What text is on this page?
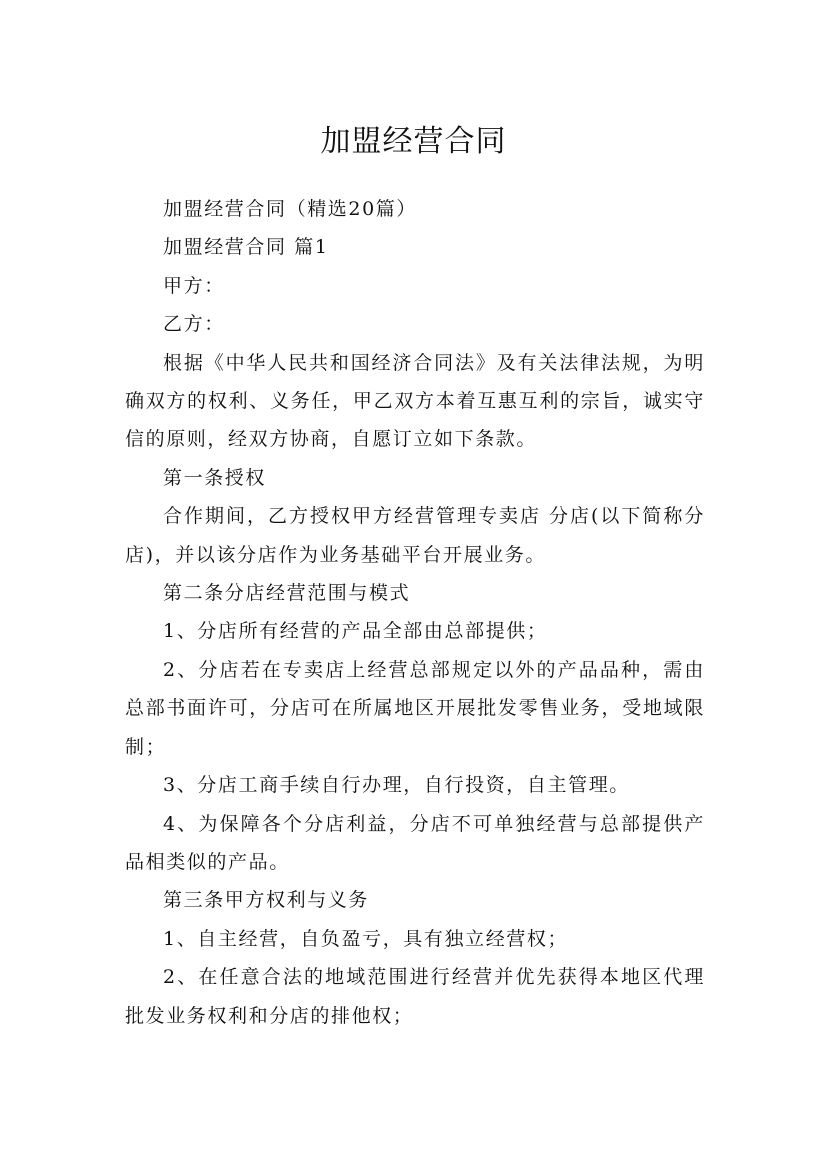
加盟经营合同

加盟经营合同（精选20篇）

加盟经营合同 篇1

甲方：

乙方：

根据《中华人民共和国经济合同法》及有关法律法规，为明确双方的权利、义务任，甲乙双方本着互惠互利的宗旨，诚实守信的原则，经双方协商，自愿订立如下条款。

第一条授权

合作期间，乙方授权甲方经营管理专卖店 分店(以下简称分店)，并以该分店作为业务基础平台开展业务。

第二条分店经营范围与模式

1、分店所有经营的产品全部由总部提供；

2、分店若在专卖店上经营总部规定以外的产品品种，需由总部书面许可，分店可在所属地区开展批发零售业务，受地域限制；

3、分店工商手续自行办理，自行投资，自主管理。

4、为保障各个分店利益，分店不可单独经营与总部提供产品相类似的产品。

第三条甲方权利与义务

1、自主经营，自负盈亏，具有独立经营权；

2、在任意合法的地域范围进行经营并优先获得本地区代理批发业务权利和分店的排他权；
